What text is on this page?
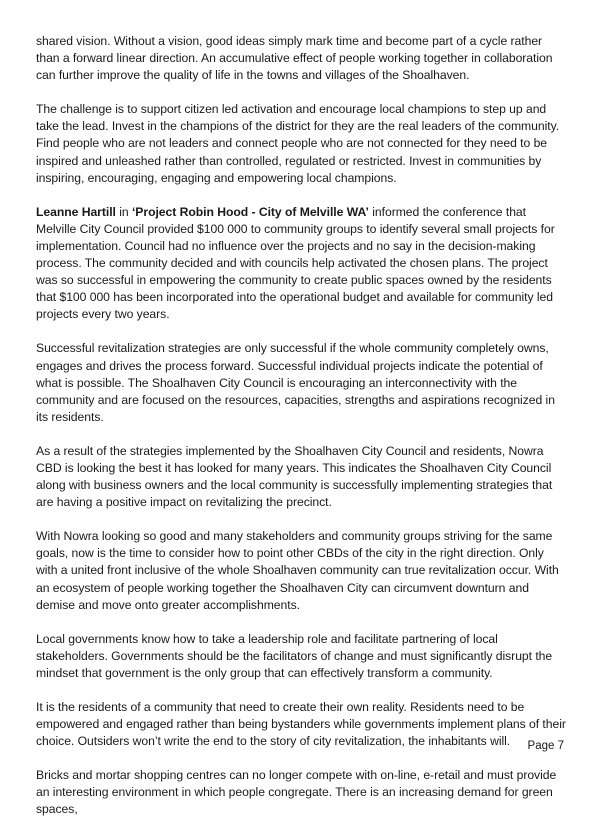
shared vision. Without a vision, good ideas simply mark time and become part of a cycle rather than a forward linear direction. An accumulative effect of people working together in collaboration can further improve the quality of life in the towns and villages of the Shoalhaven.

The challenge is to support citizen led activation and encourage local champions to step up and take the lead. Invest in the champions of the district for they are the real leaders of the community. Find people who are not leaders and connect people who are not connected for they need to be inspired and unleashed rather than controlled, regulated or restricted. Invest in communities by inspiring, encouraging, engaging and empowering local champions.

Leanne Hartill in ‘Project Robin Hood - City of Melville WA’ informed the conference that Melville City Council provided $100 000 to community groups to identify several small projects for implementation. Council had no influence over the projects and no say in the decision-making process. The community decided and with councils help activated the chosen plans. The project was so successful in empowering the community to create public spaces owned by the residents that $100 000 has been incorporated into the operational budget and available for community led projects every two years.

Successful revitalization strategies are only successful if the whole community completely owns, engages and drives the process forward. Successful individual projects indicate the potential of what is possible. The Shoalhaven City Council is encouraging an interconnectivity with the community and are focused on the resources, capacities, strengths and aspirations recognized in its residents.

As a result of the strategies implemented by the Shoalhaven City Council and residents, Nowra CBD is looking the best it has looked for many years. This indicates the Shoalhaven City Council along with business owners and the local community is successfully implementing strategies that are having a positive impact on revitalizing the precinct.

With Nowra looking so good and many stakeholders and community groups striving for the same goals, now is the time to consider how to point other CBDs of the city in the right direction. Only with a united front inclusive of the whole Shoalhaven community can true revitalization occur. With an ecosystem of people working together the Shoalhaven City can circumvent downturn and demise and move onto greater accomplishments.

Local governments know how to take a leadership role and facilitate partnering of local stakeholders. Governments should be the facilitators of change and must significantly disrupt the mindset that government is the only group that can effectively transform a community.

It is the residents of a community that need to create their own reality. Residents need to be empowered and engaged rather than being bystanders while governments implement plans of their choice. Outsiders won’t write the end to the story of city revitalization, the inhabitants will.

Bricks and mortar shopping centres can no longer compete with on-line, e-retail and must provide an interesting environment in which people congregate. There is an increasing demand for green spaces,

Page 7
